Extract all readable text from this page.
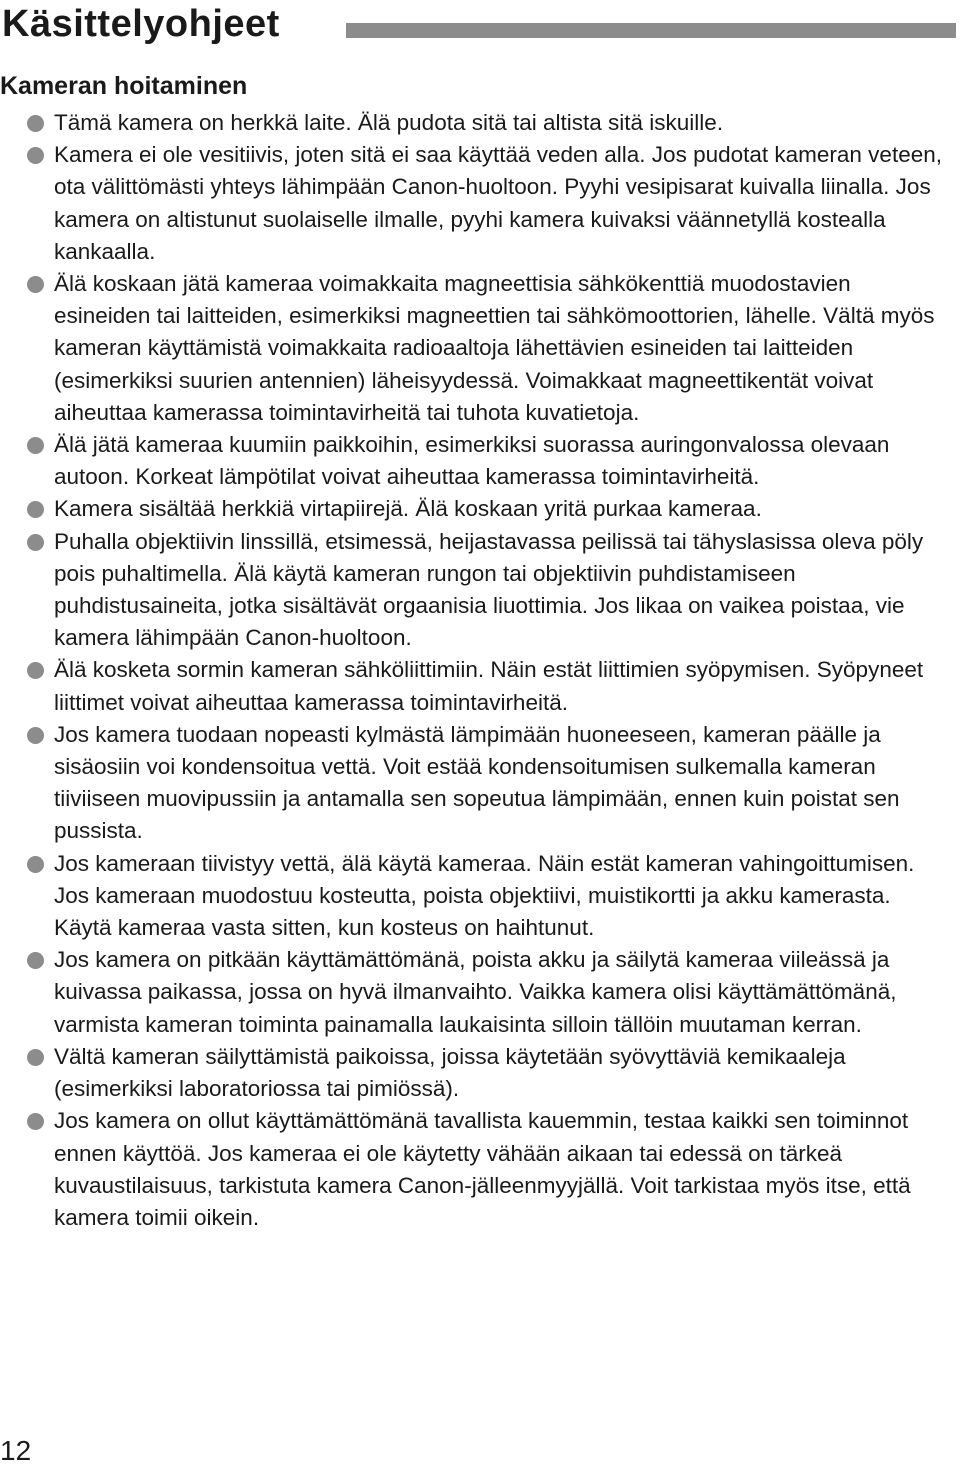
Käsittelyohjeet
Kameran hoitaminen
Tämä kamera on herkkä laite. Älä pudota sitä tai altista sitä iskuille.
Kamera ei ole vesitiivis, joten sitä ei saa käyttää veden alla. Jos pudotat kameran veteen, ota välittömästi yhteys lähimpään Canon-huoltoon. Pyyhi vesipisarat kuivalla liinalla. Jos kamera on altistunut suolaiselle ilmalle, pyyhi kamera kuivaksi väännetyllä kostealla kankaalla.
Älä koskaan jätä kameraa voimakkaita magneettisia sähkökenttiä muodostavien esineiden tai laitteiden, esimerkiksi magneettien tai sähkömoottorien, lähelle. Vältä myös kameran käyttämistä voimakkaita radioaaltoja lähettävien esineiden tai laitteiden (esimerkiksi suurien antennien) läheisyydessä. Voimakkaat magneettikentät voivat aiheuttaa kamerassa toimintavirheitä tai tuhota kuvatietoja.
Älä jätä kameraa kuumiin paikkoihin, esimerkiksi suorassa auringonvalossa olevaan autoon. Korkeat lämpötilat voivat aiheuttaa kamerassa toimintavirheitä.
Kamera sisältää herkkiä virtapiirejä. Älä koskaan yritä purkaa kameraa.
Puhalla objektiivin linssillä, etsimessä, heijastavassa peilissä tai tähyslasissa oleva pöly pois puhaltimella. Älä käytä kameran rungon tai objektiivin puhdistamiseen puhdistusaineita, jotka sisältävät orgaanisia liuottimia. Jos likaa on vaikea poistaa, vie kamera lähimpään Canon-huoltoon.
Älä kosketa sormin kameran sähköliittimiin. Näin estät liittimien syöpymisen. Syöpyneet liittimet voivat aiheuttaa kamerassa toimintavirheitä.
Jos kamera tuodaan nopeasti kylmästä lämpimään huoneeseen, kameran päälle ja sisäosiin voi kondensoitua vettä. Voit estää kondensoitumisen sulkemalla kameran tiiviiseen muovipussiin ja antamalla sen sopeutua lämpimään, ennen kuin poistat sen pussista.
Jos kameraan tiivistyy vettä, älä käytä kameraa. Näin estät kameran vahingoittumisen. Jos kameraan muodostuu kosteutta, poista objektiivi, muistikortti ja akku kamerasta. Käytä kameraa vasta sitten, kun kosteus on haihtunut.
Jos kamera on pitkään käyttämättömänä, poista akku ja säilytä kameraa viileässä ja kuivassa paikassa, jossa on hyvä ilmanvaihto. Vaikka kamera olisi käyttämättömänä, varmista kameran toiminta painamalla laukaisinta silloin tällöin muutaman kerran.
Vältä kameran säilyttämistä paikoissa, joissa käytetään syövyttäviä kemikaaleja (esimerkiksi laboratoriossa tai pimiössä).
Jos kamera on ollut käyttämättömänä tavallista kauemmin, testaa kaikki sen toiminnot ennen käyttöä. Jos kameraa ei ole käytetty vähään aikaan tai edessä on tärkeä kuvaustilaisuus, tarkistuta kamera Canon-jälleenmyyjällä. Voit tarkistaa myös itse, että kamera toimii oikein.
12
